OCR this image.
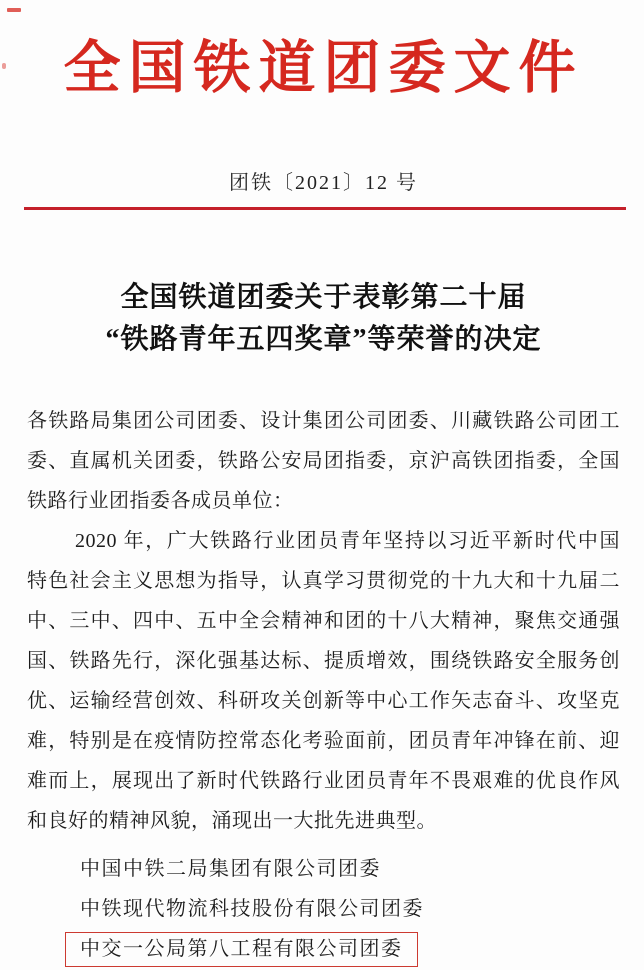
全国铁道团委文件
团铁〔2021〕12 号
全国铁道团委关于表彰第二十届
“铁路青年五四奖章”等荣誉的决定
各铁路局集团公司团委、设计集团公司团委、川藏铁路公司团工
委、直属机关团委，铁路公安局团指委，京沪高铁团指委，全国
铁路行业团指委各成员单位：
2020 年，广大铁路行业团员青年坚持以习近平新时代中国
特色社会主义思想为指导，认真学习贯彻党的十九大和十九届二
中、三中、四中、五中全会精神和团的十八大精神，聚焦交通强
国、铁路先行，深化强基达标、提质增效，围绕铁路安全服务创
优、运输经营创效、科研攻关创新等中心工作矢志奋斗、攻坚克
难，特别是在疫情防控常态化考验面前，团员青年冲锋在前、迎
难而上，展现出了新时代铁路行业团员青年不畏艰难的优良作风
和良好的精神风貌，涌现出一大批先进典型。
中国中铁二局集团有限公司团委
中铁现代物流科技股份有限公司团委
中交一公局第八工程有限公司团委
